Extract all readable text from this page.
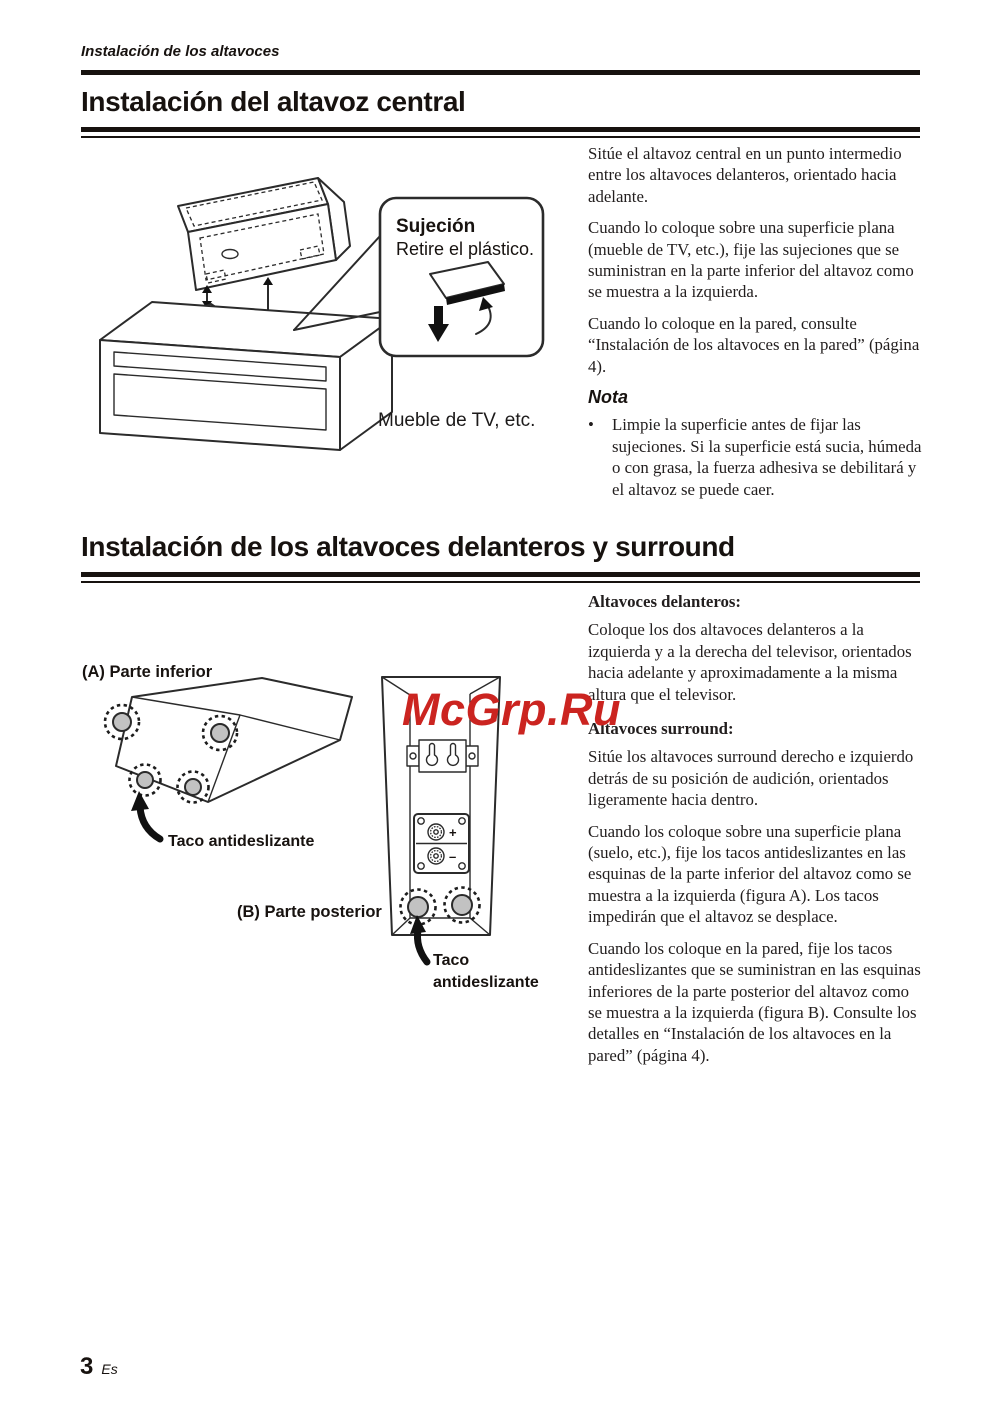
Instalación de los altavoces
Instalación del altavoz central
Sujeción
Retire el plástico.
Mueble de TV, etc.

Sitúe el altavoz central en un punto intermedio entre los altavoces delanteros, orientado hacia adelante.

Cuando lo coloque sobre una superficie plana (mueble de TV, etc.), fije las sujeciones que se suministran en la parte inferior del altavoz como se muestra a la izquierda.

Cuando lo coloque en la pared, consulte “Instalación de los altavoces en la pared” (página 4).

Nota
•	Limpie la superficie antes de fijar las sujeciones. Si la superficie está sucia, húmeda o con grasa, la fuerza adhesiva se debilitará y el altavoz se puede caer.
Instalación de los altavoces delanteros y surround
(A) Parte inferior
Taco antideslizante
+
–
Taco
antideslizante
(B) Parte posterior
Altavoces delanteros:

Coloque los dos altavoces delanteros a la izquierda y a la derecha del televisor, orientados hacia adelante y aproximadamente a la misma altura que el televisor.

Altavoces surround:

Sitúe los altavoces surround derecho e izquierdo detrás de su posición de audición, orientados ligeramente hacia dentro.

Cuando los coloque sobre una superficie plana (suelo, etc.), fije los tacos antideslizantes en las esquinas de la parte inferior del altavoz como se muestra a la izquierda (figura A). Los tacos impedirán que el altavoz se desplace.

Cuando los coloque en la pared, fije los tacos antideslizantes que se suministran en las esquinas inferiores de la parte posterior del altavoz como se muestra a la izquierda (figura B). Consulte los detalles en “Instalación de los altavoces en la pared” (página 4).

McGrp.Ru
3 Es
